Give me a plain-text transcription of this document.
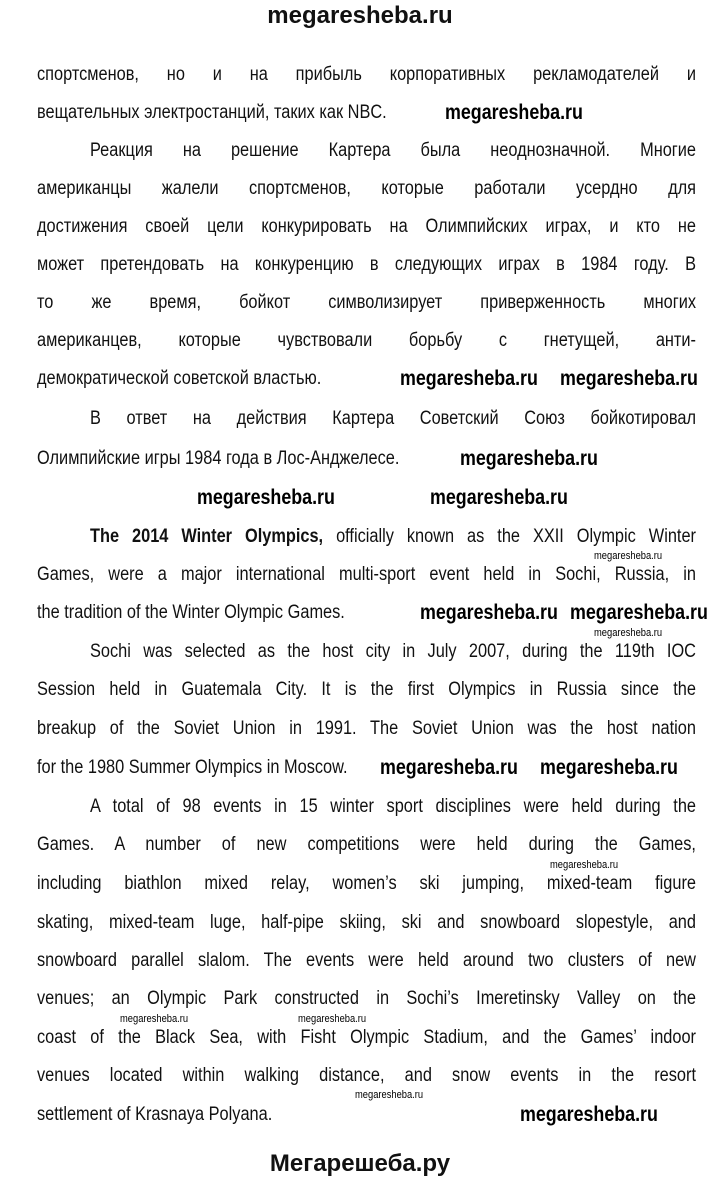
megaresheba.ru
Мегарешеба.ру
спортсменов, но и на прибыль корпоративных рекламодателей и
вещательных электростанций, таких как NBC.
Реакция на решение Картера была неоднозначной. Многие
американцы жалели спортсменов, которые работали усердно для
достижения своей цели конкурировать на Олимпийских играх, и кто не
может претендовать на конкуренцию в следующих играх в 1984 году. В
то же время, бойкот символизирует приверженность многих
американцев, которые чувствовали борьбу с гнетущей, анти-
демократической советской властью.
В ответ на действия Картера Советский Союз бойкотировал
Олимпийские игры 1984 года в Лос-Анджелесе.
The 2014 Winter Olympics, officially known as the XXII Olympic Winter
Games, were a major international multi-sport event held in Sochi, Russia, in
the tradition of the Winter Olympic Games.
Sochi was selected as the host city in July 2007, during the 119th IOC
Session held in Guatemala City. It is the first Olympics in Russia since the
breakup of the Soviet Union in 1991. The Soviet Union was the host nation
for the 1980 Summer Olympics in Moscow.
A total of 98 events in 15 winter sport disciplines were held during the
Games. A number of new competitions were held during the Games,
including biathlon mixed relay, women’s ski jumping, mixed-team figure
skating, mixed-team luge, half-pipe skiing, ski and snowboard slopestyle, and
snowboard parallel slalom. The events were held around two clusters of new
venues; an Olympic Park constructed in Sochi’s Imeretinsky Valley on the
coast of the Black Sea, with Fisht Olympic Stadium, and the Games’ indoor
venues located within walking distance, and snow events in the resort
settlement of Krasnaya Polyana.
megaresheba.ru
megaresheba.ru megaresheba.ru
megaresheba.ru
megaresheba.ru	megaresheba.ru
megaresheba.ru
megaresheba.ru
megaresheba.ru
megaresheba.ru
megaresheba.ru
megaresheba.ru
megaresheba.ru
megaresheba.ru
megaresheba.ru	megaresheba.ru
megaresheba.ru
